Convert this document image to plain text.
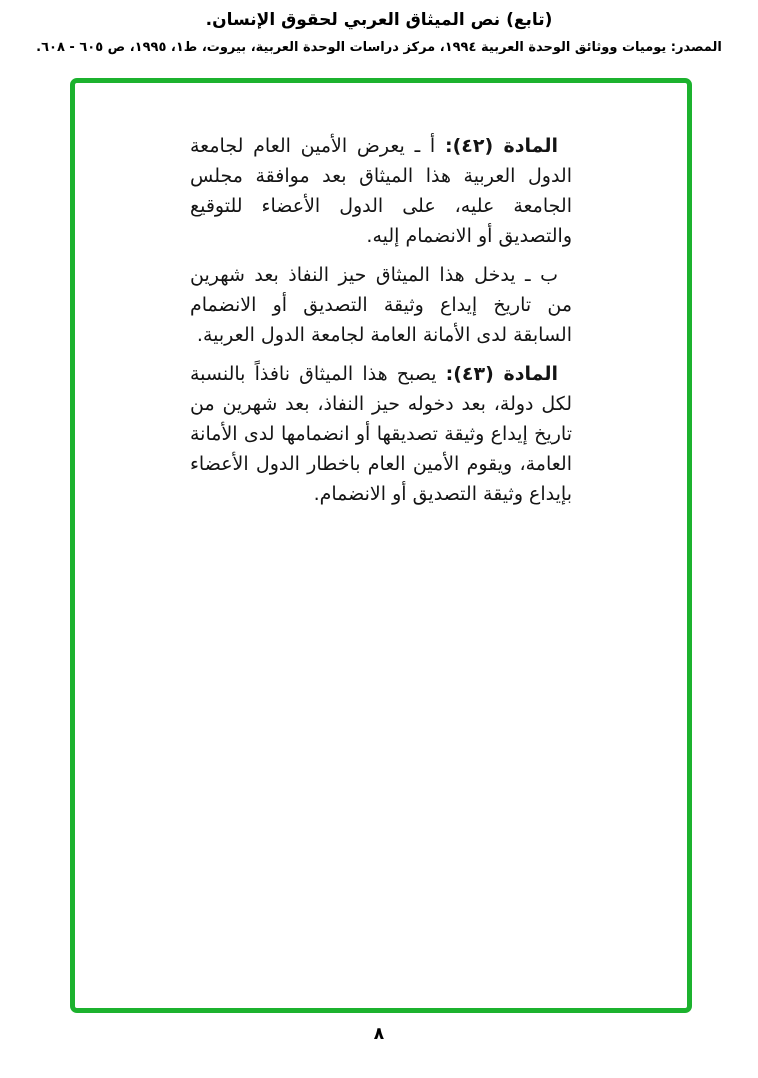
(تابع) نص الميثاق العربي لحقوق الإنسان.
المصدر: يوميات ووثائق الوحدة العربية ١٩٩٤، مركز دراسات الوحدة العربية، بيروت، ط١، ١٩٩٥، ص ٦٠٥ - ٦٠٨.

المادة (٤٢): أ ـ يعرض الأمين العام لجامعة الدول العربية هذا الميثاق بعد موافقة مجلس الجامعة عليه، على الدول الأعضاء للتوقيع والتصديق أو الانضمام إليه.

ب ـ يدخل هذا الميثاق حيز النفاذ بعد شهرين من تاريخ إيداع وثيقة التصديق أو الانضمام السابقة لدى الأمانة العامة لجامعة الدول العربية.

المادة (٤٣): يصبح هذا الميثاق نافذاً بالنسبة لكل دولة، بعد دخوله حيز النفاذ، بعد شهرين من تاريخ إيداع وثيقة تصديقها أو انضمامها لدى الأمانة العامة، ويقوم الأمين العام باخطار الدول الأعضاء بإيداع وثيقة التصديق أو الانضمام.

٨
